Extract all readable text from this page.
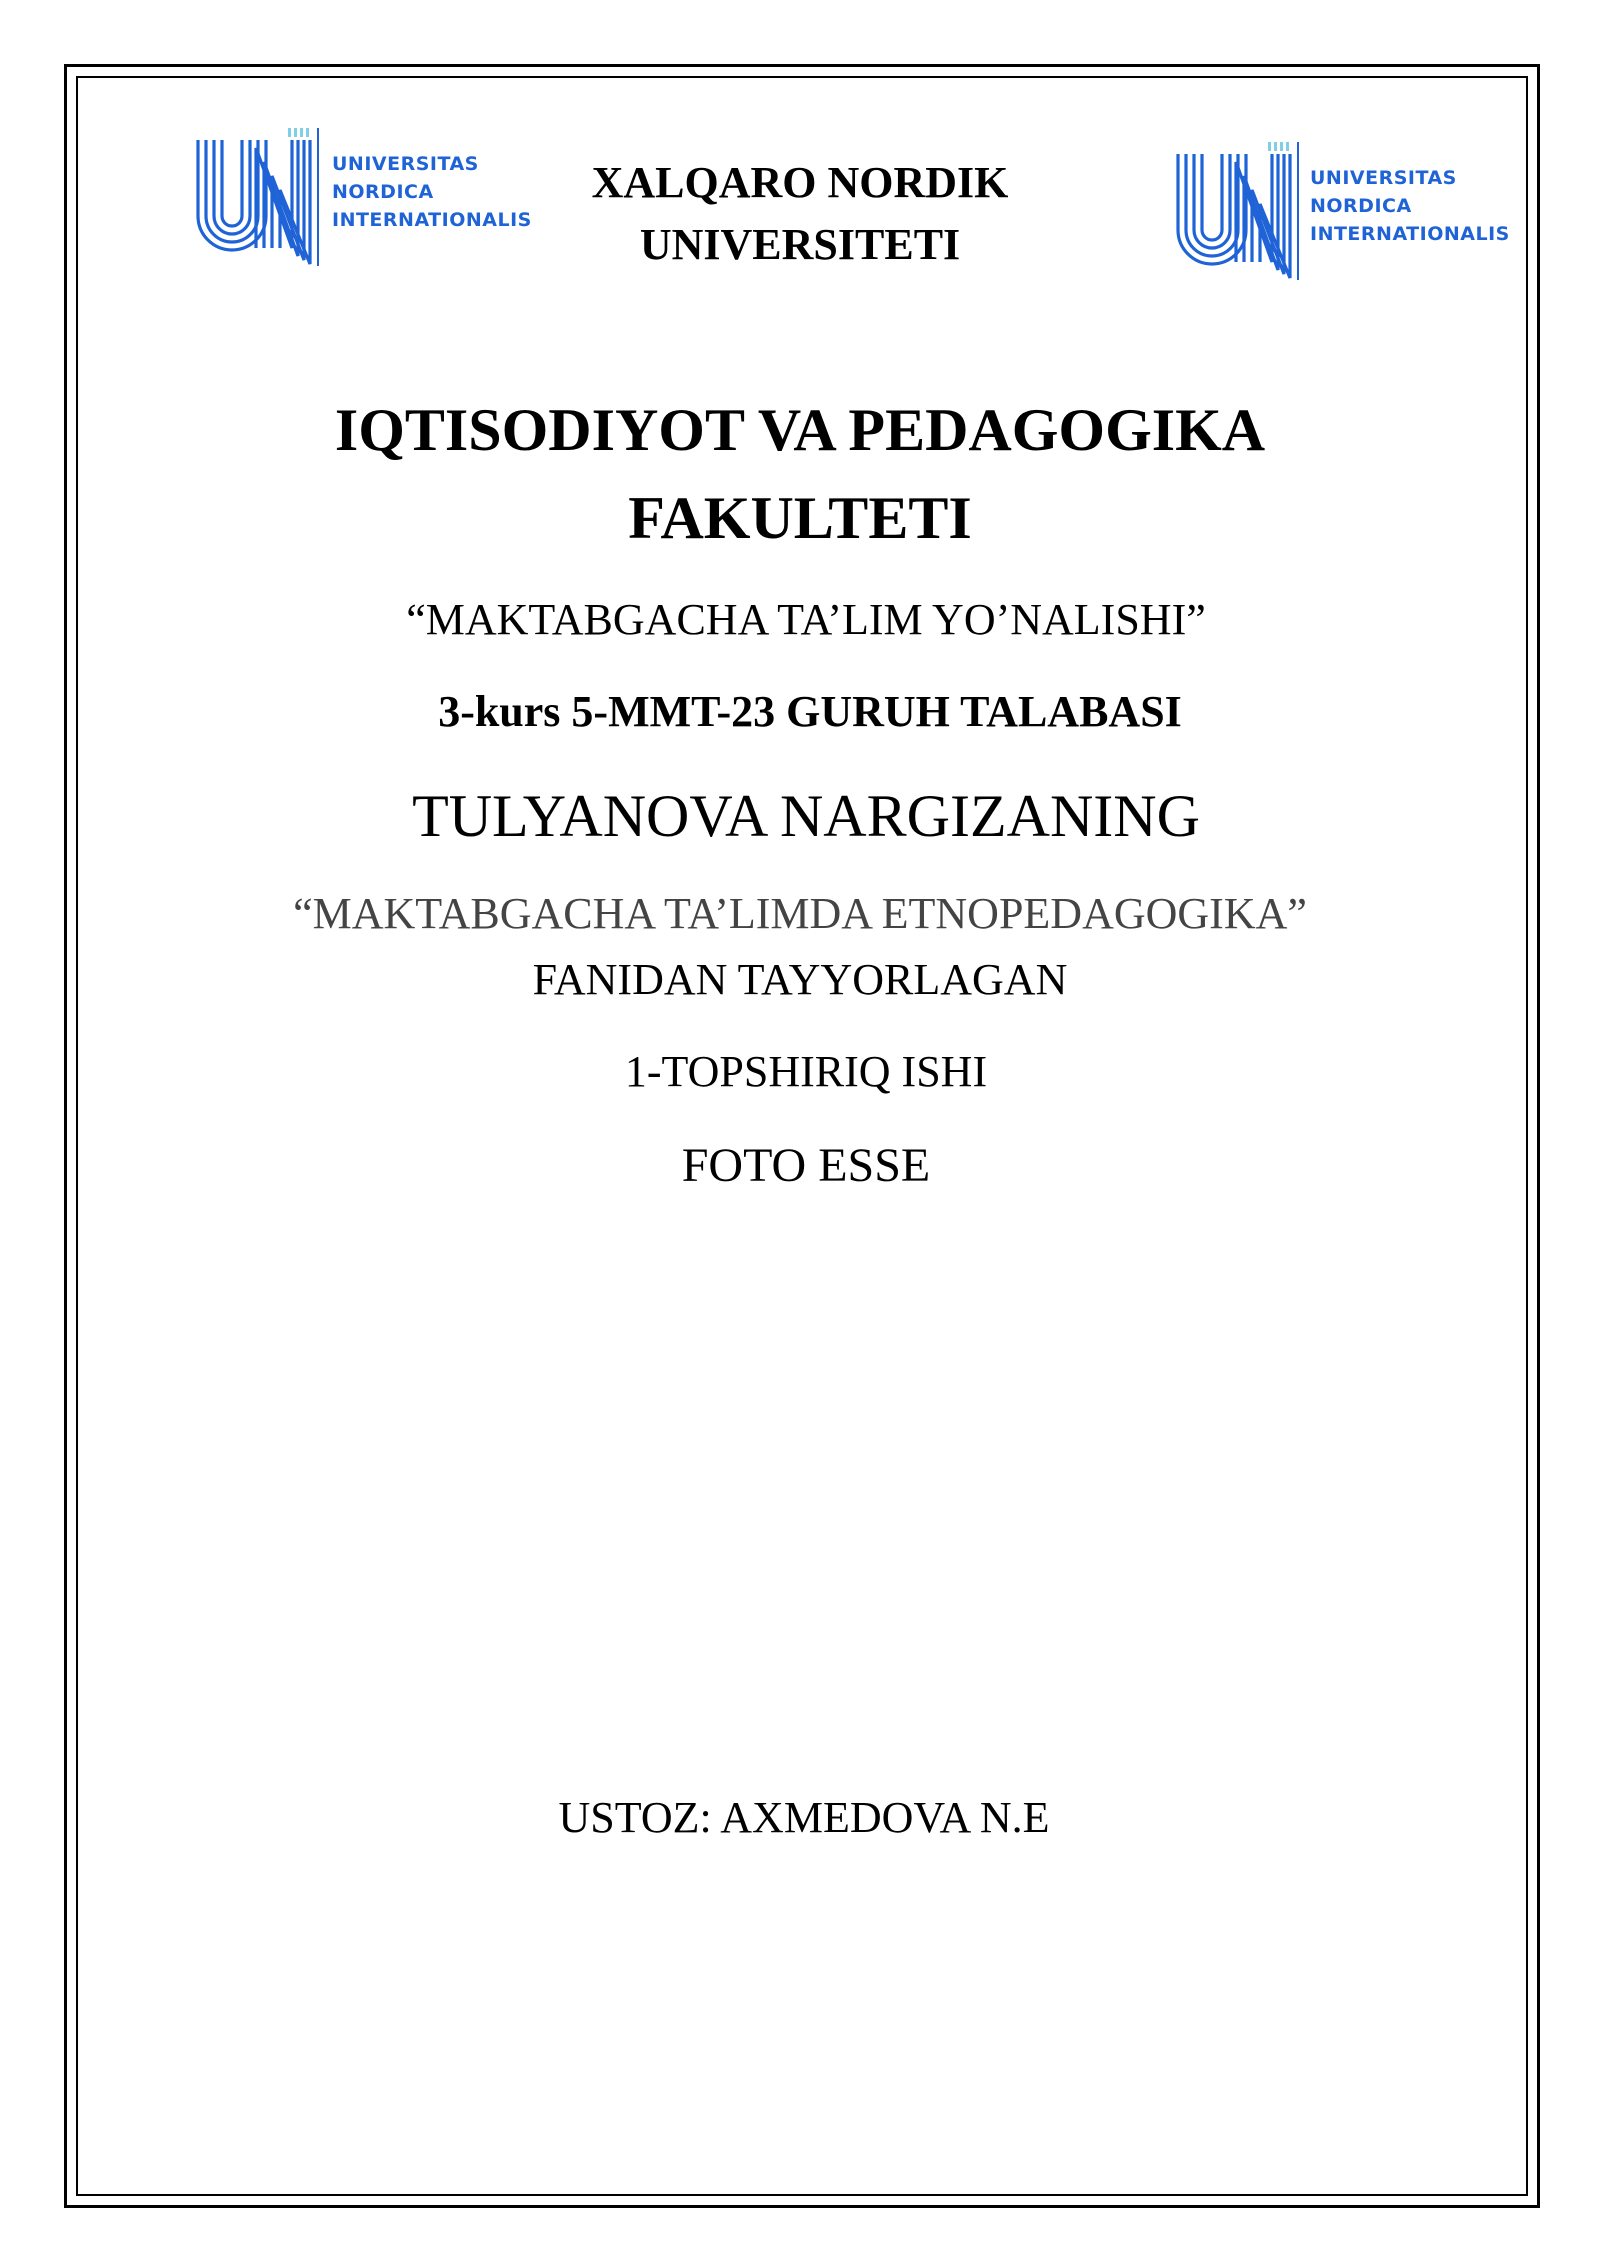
UNIVERSITAS
NORDICA
INTERNATIONALIS
UNIVERSITAS
NORDICA
INTERNATIONALIS
XALQARO NORDIK
UNIVERSITETI
IQTISODIYOT VA PEDAGOGIKA
FAKULTETI
“MAKTABGACHA TA’LIM YO’NALISHI”
3-kurs 5-MMT-23 GURUH TALABASI
TULYANOVA NARGIZANING
“MAKTABGACHA TA’LIMDA ETNOPEDAGOGIKA”
FANIDAN TAYYORLAGAN
1-TOPSHIRIQ ISHI
FOTO ESSE
USTOZ: AXMEDOVA N.E
